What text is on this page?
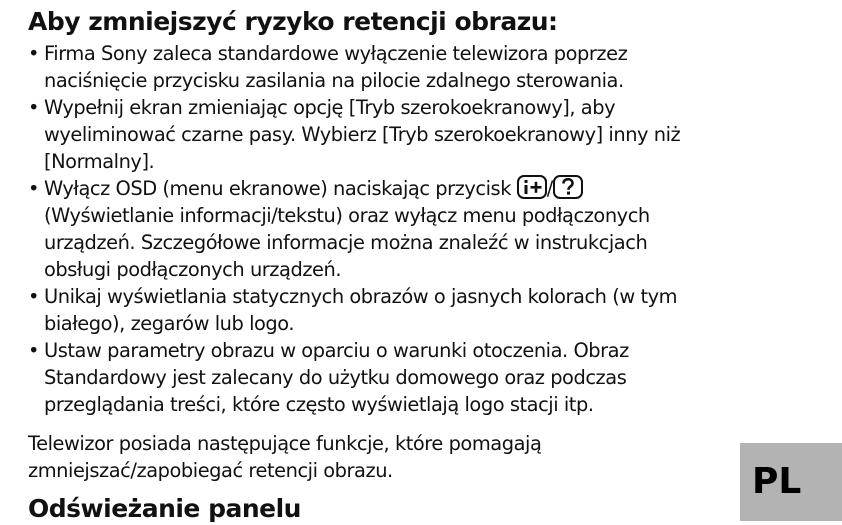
Aby zmniejszyć ryzyko retencji obrazu:
• Firma Sony zaleca standardowe wyłączenie telewizora poprzez naciśnięcie przycisku zasilania na pilocie zdalnego sterowania.
• Wypełnij ekran zmieniając opcję [Tryb szerokoekranowy], aby wyeliminować czarne pasy. Wybierz [Tryb szerokoekranowy] inny niż [Normalny].
• Wyłącz OSD (menu ekranowe) naciskając przycisk /

(Wyświetlanie informacji/tekstu) oraz wyłącz menu podłączonych urządzeń. Szczegółowe informacje można znaleźć w instrukcjach obsługi podłączonych urządzeń.
• Unikaj wyświetlania statycznych obrazów o jasnych kolorach (w tym białego), zegarów lub logo.
• Ustaw parametry obrazu w oparciu o warunki otoczenia. Obraz Standardowy jest zalecany do użytku domowego oraz podczas przeglądania treści, które często wyświetlają logo stacji itp.

Telewizor posiada następujące funkcje, które pomagają zmniejszać/zapobiegać retencji obrazu.

Odświeżanie panelu
PL
